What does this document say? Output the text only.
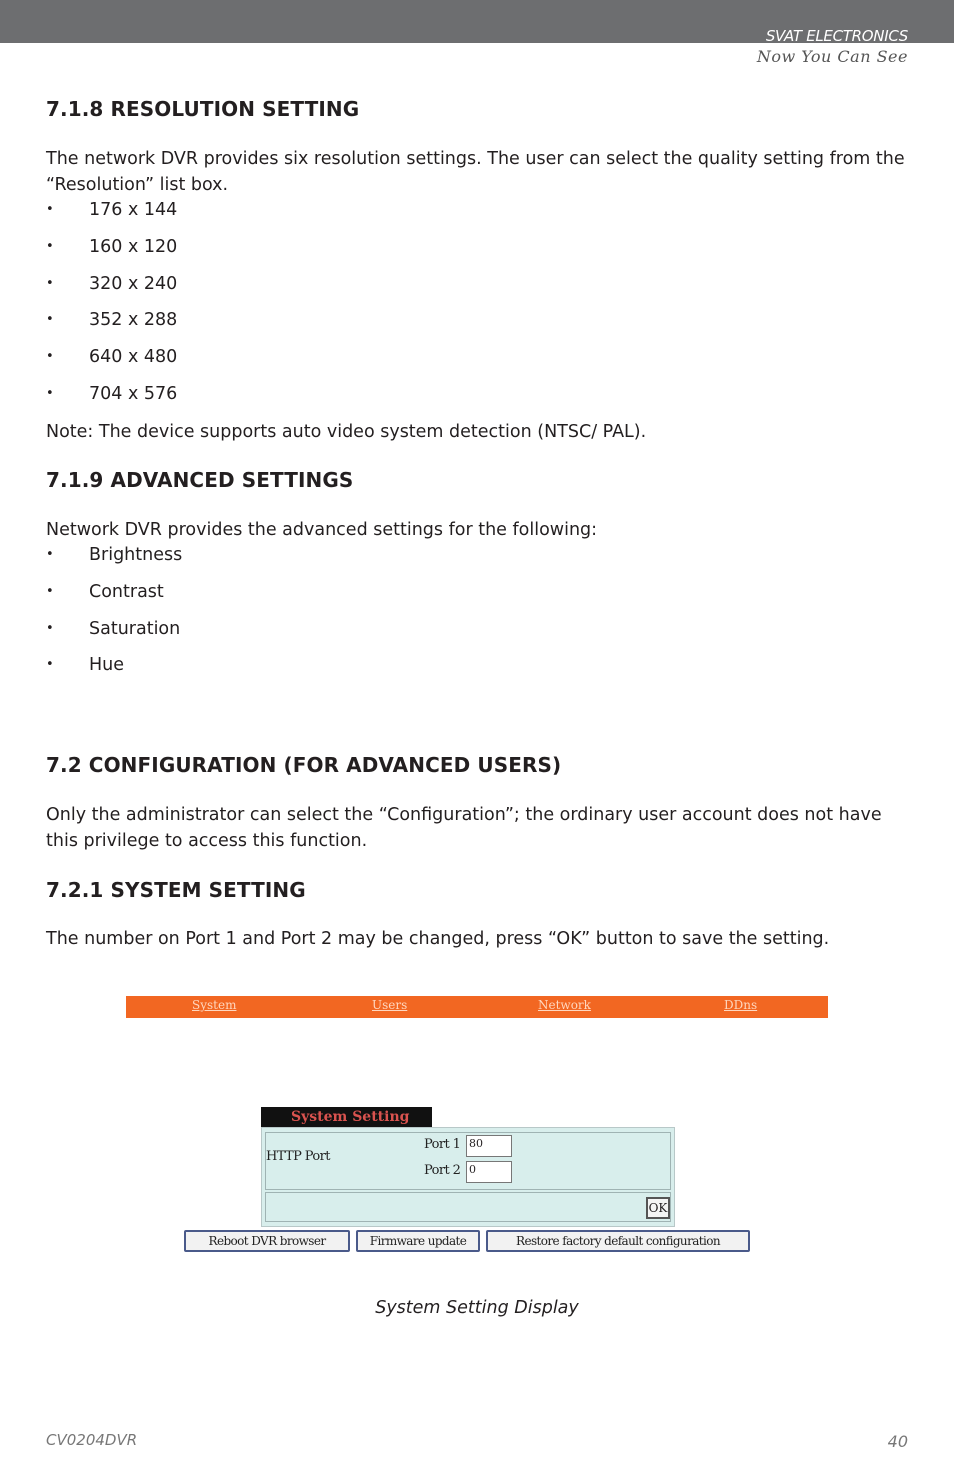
SVAT ELECTRONICS
Now You Can See
7.1.8 RESOLUTION SETTING

The network DVR provides six resolution settings. The user can select the quality setting from the “Resolution” list box.

•	176 x 144
•	160 x 120
•	320 x 240
•	352 x 288
•	640 x 480
•	704 x 576

Note: The device supports auto video system detection (NTSC/ PAL).

7.1.9 ADVANCED SETTINGS

Network DVR provides the advanced settings for the following:

•	Brightness
•	Contrast
•	Saturation
•	Hue
7.2 CONFIGURATION (FOR ADVANCED USERS)

Only the administrator can select the “Configuration”; the ordinary user account does not have this privilege to access this function.

7.2.1 SYSTEM SETTING

The number on Port 1 and Port 2 may be changed, press “OK” button to save the setting.

System	Users	Network	DDns
System Setting
HTTP Port
Port 1 80
Port 2 0
OK
Reboot DVR browser	Firmware update	Restore factory default configuration
System Setting Display
CV0204DVR	40
